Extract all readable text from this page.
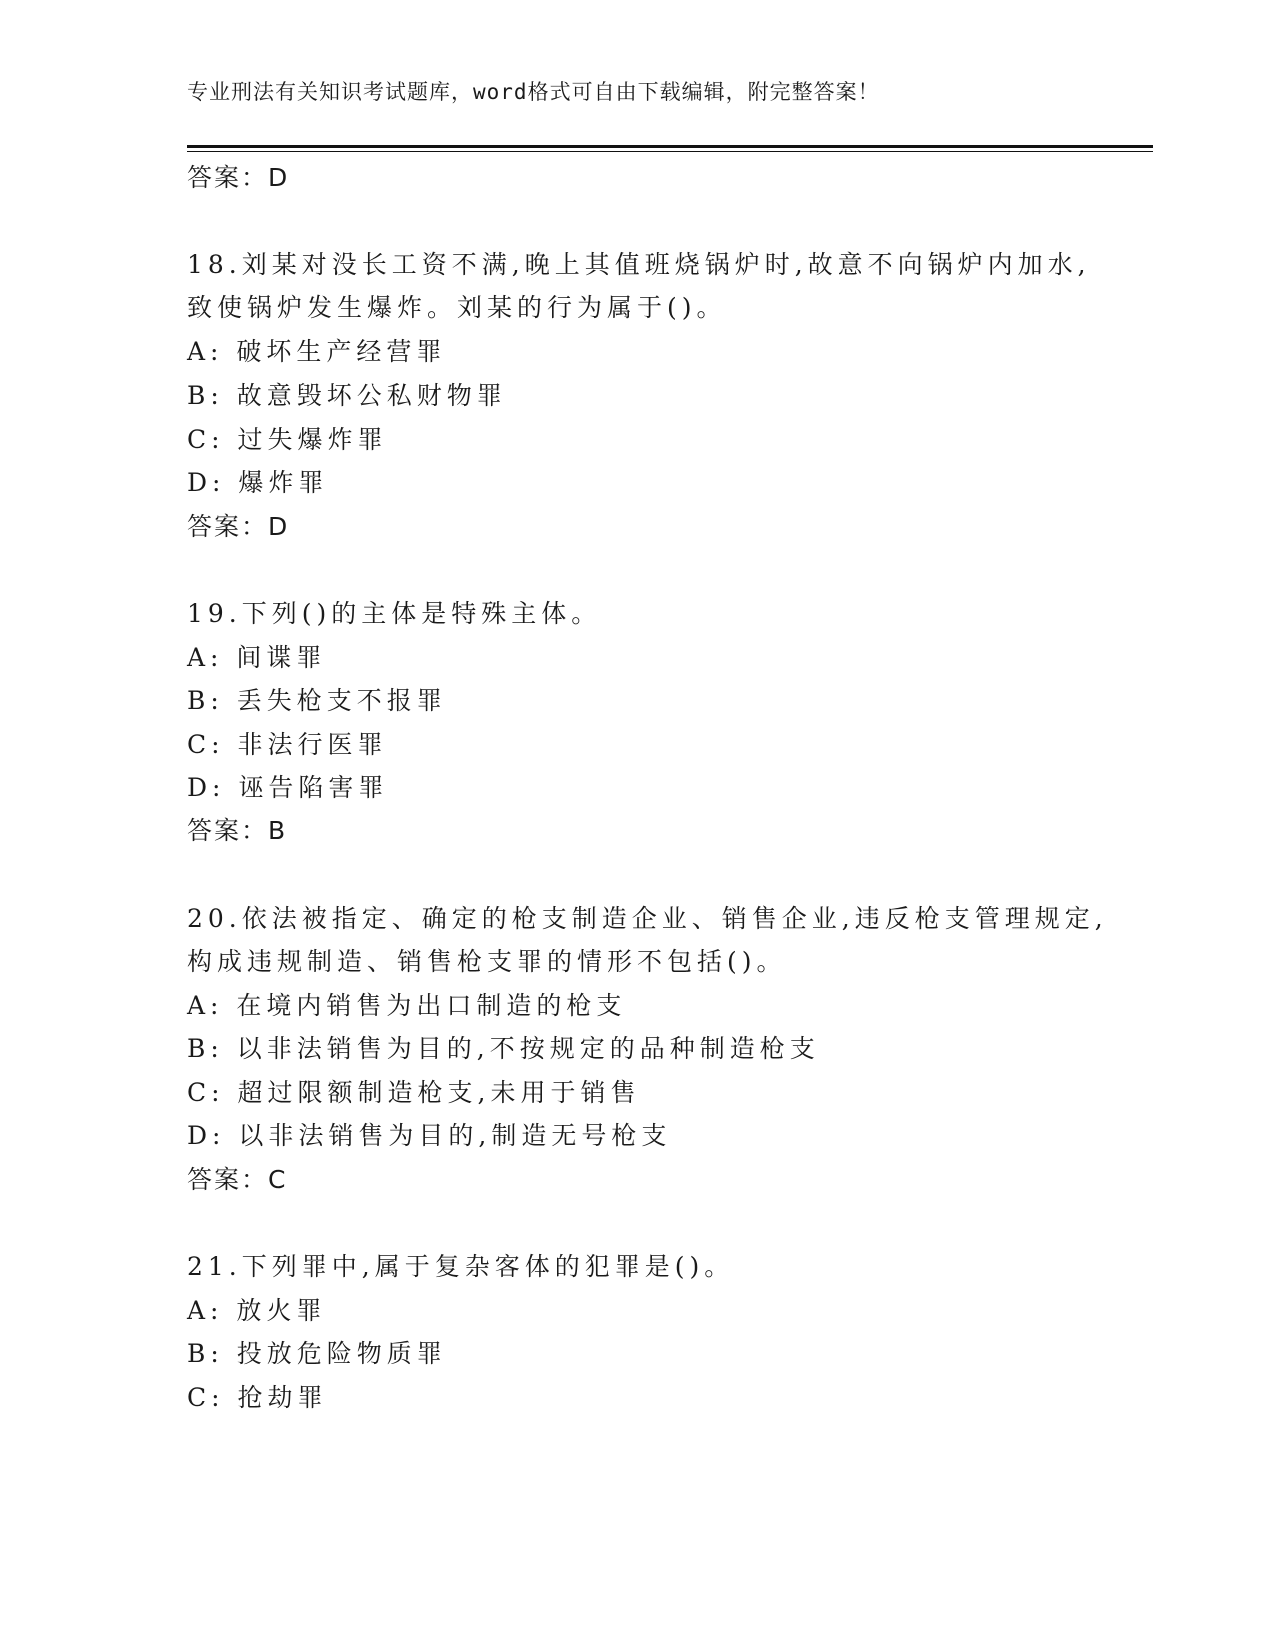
专业刑法有关知识考试题库，word格式可自由下载编辑，附完整答案！
答案：D
18.刘某对没长工资不满,晚上其值班烧锅炉时,故意不向锅炉内加水,
致使锅炉发生爆炸。刘某的行为属于()。
A: 破坏生产经营罪
B: 故意毁坏公私财物罪
C: 过失爆炸罪
D: 爆炸罪
答案：D
19.下列()的主体是特殊主体。
A: 间谍罪
B: 丢失枪支不报罪
C: 非法行医罪
D: 诬告陷害罪
答案：B
20.依法被指定、确定的枪支制造企业、销售企业,违反枪支管理规定,
构成违规制造、销售枪支罪的情形不包括()。
A: 在境内销售为出口制造的枪支
B: 以非法销售为目的,不按规定的品种制造枪支
C: 超过限额制造枪支,未用于销售
D: 以非法销售为目的,制造无号枪支
答案：C
21.下列罪中,属于复杂客体的犯罪是()。
A: 放火罪
B: 投放危险物质罪
C: 抢劫罪
